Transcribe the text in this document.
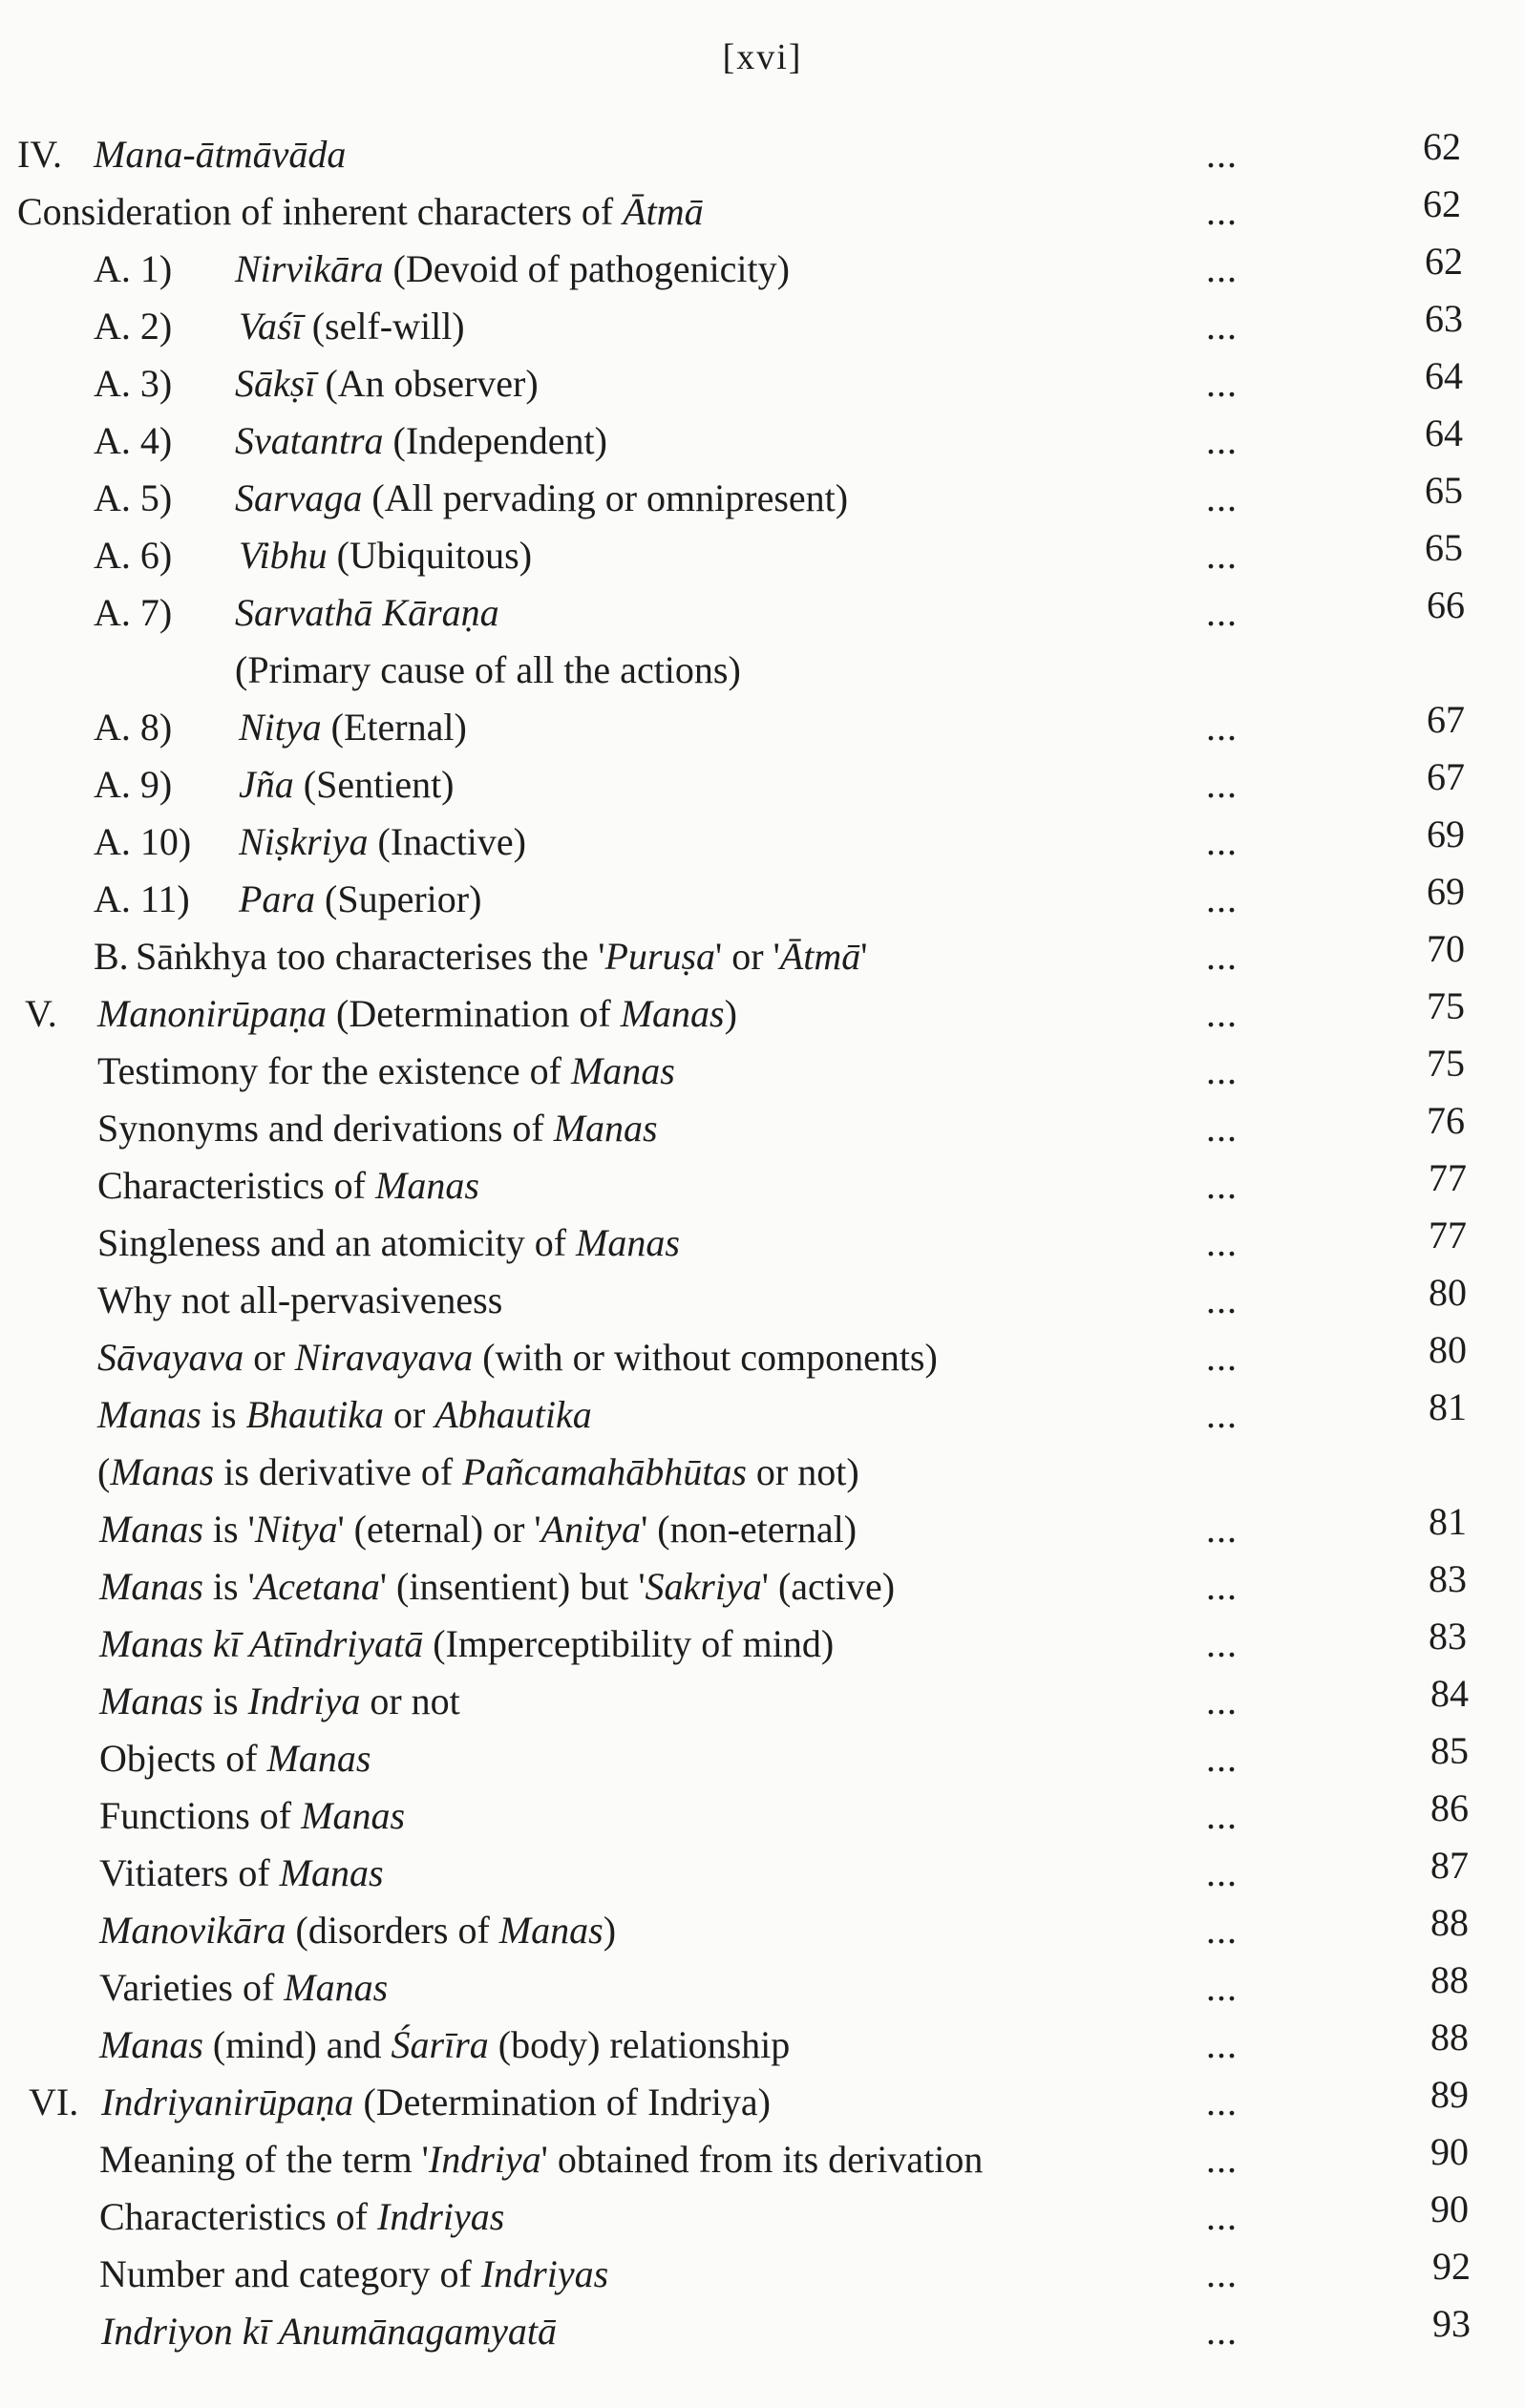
[xvi]
IV. Mana-ātmāvāda	...	62
Consideration of inherent characters of Ātmā	...	62
A. 1) Nirvikāra (Devoid of pathogenicity)	...	62
A. 2) Vaśī (self-will)	...	63
A. 3) Sākṣī (An observer)	...	64
A. 4) Svatantra (Independent)	...	64
A. 5) Sarvaga (All pervading or omnipresent)	...	65
A. 6) Vibhu (Ubiquitous)	...	65
A. 7) Sarvathā Kāraṇa	...	66
(Primary cause of all the actions)
A. 8) Nitya (Eternal)	...	67
A. 9) Jña (Sentient)	...	67
A. 10) Niṣkriya (Inactive)	...	69
A. 11) Para (Superior)	...	69
B. Sāṅkhya too characterises the 'Puruṣa' or 'Ātmā'	...	70
V. Manonirūpaṇa (Determination of Manas)	...	75
Testimony for the existence of Manas	...	75
Synonyms and derivations of Manas	...	76
Characteristics of Manas	...	77
Singleness and an atomicity of Manas	...	77
Why not all-pervasiveness	...	80
Sāvayava or Niravayava (with or without components)	...	80
Manas is Bhautika or Abhautika	...	81
(Manas is derivative of Pañcamahābhūtas or not)
Manas is 'Nitya' (eternal) or 'Anitya' (non-eternal)	...	81
Manas is 'Acetana' (insentient) but 'Sakriya' (active)	...	83
Manas kī Atīndriyatā (Imperceptibility of mind)	...	83
Manas is Indriya or not	...	84
Objects of Manas	...	85
Functions of Manas	...	86
Vitiaters of Manas	...	87
Manovikāra (disorders of Manas)	...	88
Varieties of Manas	...	88
Manas (mind) and Śarīra (body) relationship	...	88
VI. Indriyanirūpaṇa (Determination of Indriya)	...	89
Meaning of the term 'Indriya' obtained from its derivation	...	90
Characteristics of Indriyas	...	90
Number and category of Indriyas	...	92
Indriyon kī Anumānagamyatā	...	93
